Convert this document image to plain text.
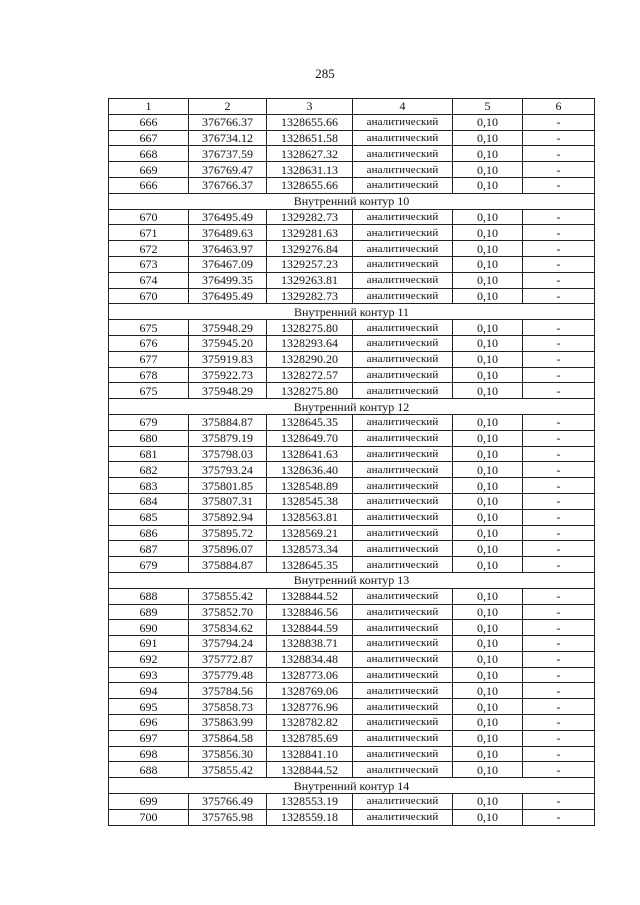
285
1	2	3	4	5	6
666	376766.37	1328655.66	аналитический	0,10	-
667	376734.12	1328651.58	аналитический	0,10	-
668	376737.59	1328627.32	аналитический	0,10	-
669	376769.47	1328631.13	аналитический	0,10	-
666	376766.37	1328655.66	аналитический	0,10	-
Внутренний контур 10					
670	376495.49	1329282.73	аналитический	0,10	-
671	376489.63	1329281.63	аналитический	0,10	-
672	376463.97	1329276.84	аналитический	0,10	-
673	376467.09	1329257.23	аналитический	0,10	-
674	376499.35	1329263.81	аналитический	0,10	-
670	376495.49	1329282.73	аналитический	0,10	-
Внутренний контур 11					
675	375948.29	1328275.80	аналитический	0,10	-
676	375945.20	1328293.64	аналитический	0,10	-
677	375919.83	1328290.20	аналитический	0,10	-
678	375922.73	1328272.57	аналитический	0,10	-
675	375948.29	1328275.80	аналитический	0,10	-
Внутренний контур 12					
679	375884.87	1328645.35	аналитический	0,10	-
680	375879.19	1328649.70	аналитический	0,10	-
681	375798.03	1328641.63	аналитический	0,10	-
682	375793.24	1328636.40	аналитический	0,10	-
683	375801.85	1328548.89	аналитический	0,10	-
684	375807.31	1328545.38	аналитический	0,10	-
685	375892.94	1328563.81	аналитический	0,10	-
686	375895.72	1328569.21	аналитический	0,10	-
687	375896.07	1328573.34	аналитический	0,10	-
679	375884.87	1328645.35	аналитический	0,10	-
Внутренний контур 13					
688	375855.42	1328844.52	аналитический	0,10	-
689	375852.70	1328846.56	аналитический	0,10	-
690	375834.62	1328844.59	аналитический	0,10	-
691	375794.24	1328838.71	аналитический	0,10	-
692	375772.87	1328834.48	аналитический	0,10	-
693	375779.48	1328773.06	аналитический	0,10	-
694	375784.56	1328769.06	аналитический	0,10	-
695	375858.73	1328776.96	аналитический	0,10	-
696	375863.99	1328782.82	аналитический	0,10	-
697	375864.58	1328785.69	аналитический	0,10	-
698	375856.30	1328841.10	аналитический	0,10	-
688	375855.42	1328844.52	аналитический	0,10	-
Внутренний контур 14					
699	375766.49	1328553.19	аналитический	0,10	-
700	375765.98	1328559.18	аналитический	0,10	-
